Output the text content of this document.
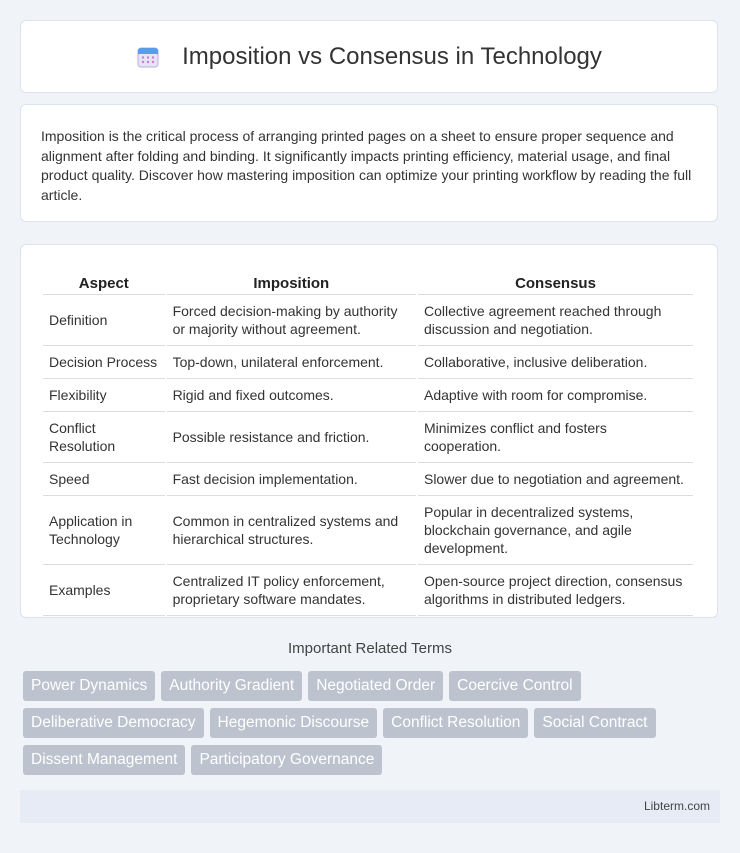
Imposition vs Consensus in Technology
Imposition is the critical process of arranging printed pages on a sheet to ensure proper sequence and alignment after folding and binding. It significantly impacts printing efficiency, material usage, and final product quality. Discover how mastering imposition can optimize your printing workflow by reading the full article.
Aspect	Imposition	Consensus
Definition	Forced decision-making by authority or majority without agreement.	Collective agreement reached through discussion and negotiation.
Decision Process	Top-down, unilateral enforcement.	Collaborative, inclusive deliberation.
Flexibility	Rigid and fixed outcomes.	Adaptive with room for compromise.
Conflict Resolution	Possible resistance and friction.	Minimizes conflict and fosters cooperation.
Speed	Fast decision implementation.	Slower due to negotiation and agreement.
Application in Technology	Common in centralized systems and hierarchical structures.	Popular in decentralized systems, blockchain governance, and agile development.
Examples	Centralized IT policy enforcement, proprietary software mandates.	Open-source project direction, consensus algorithms in distributed ledgers.
Important Related Terms
Power Dynamics	Authority Gradient	Negotiated Order	Coercive Control
Deliberative Democracy	Hegemonic Discourse	Conflict Resolution	Social Contract
Dissent Management	Participatory Governance
Libterm.com
